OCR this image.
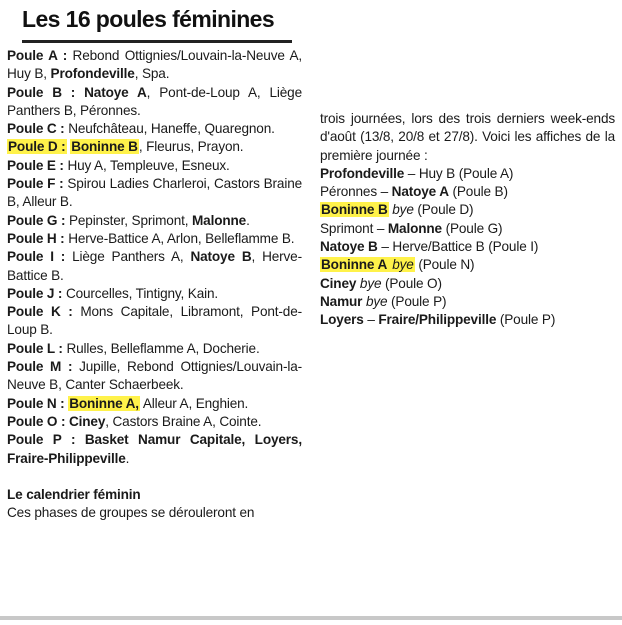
Les 16 poules féminines

Poule A : Rebond Ottignies/Louvain-la-Neuve A, Huy B, Profondeville, Spa.

Poule B : Natoye A, Pont-de-Loup A, Liège Panthers B, Péronnes.

Poule C : Neufchâteau, Haneffe, Quaregnon.

Poule D : Boninne B, Fleurus, Prayon.

Poule E : Huy A, Templeuve, Esneux.

Poule F : Spirou Ladies Charleroi, Castors Braine B, Alleur B.

Poule G : Pepinster, Sprimont, Malonne.

Poule H : Herve-Battice A, Arlon, Belleflamme B.

Poule I : Liège Panthers A, Natoye B, Herve-Battice B.

Poule J : Courcelles, Tintigny, Kain.

Poule K : Mons Capitale, Libramont, Pont-de-Loup B.

Poule L : Rulles, Belleflamme A, Docherie.

Poule M : Jupille, Rebond Ottignies/Louvain-la-Neuve B, Canter Schaerbeek.

Poule N : Boninne A, Alleur A, Enghien.

Poule O : Ciney, Castors Braine A, Cointe.

Poule P : Basket Namur Capitale, Loyers, Fraire-Philippeville.

Le calendrier féminin

Ces phases de groupes se dérouleront en

trois journées, lors des trois derniers week-ends d'août (13/8, 20/8 et 27/8). Voici les affiches de la première journée :

Profondeville – Huy B (Poule A)

Péronnes – Natoye A (Poule B)

Boninne B bye (Poule D)

Sprimont – Malonne (Poule G)

Natoye B – Herve/Battice B (Poule I)

Boninne A bye (Poule N)

Ciney bye (Poule O)

Namur bye (Poule P)

Loyers – Fraire/Philippeville (Poule P)
